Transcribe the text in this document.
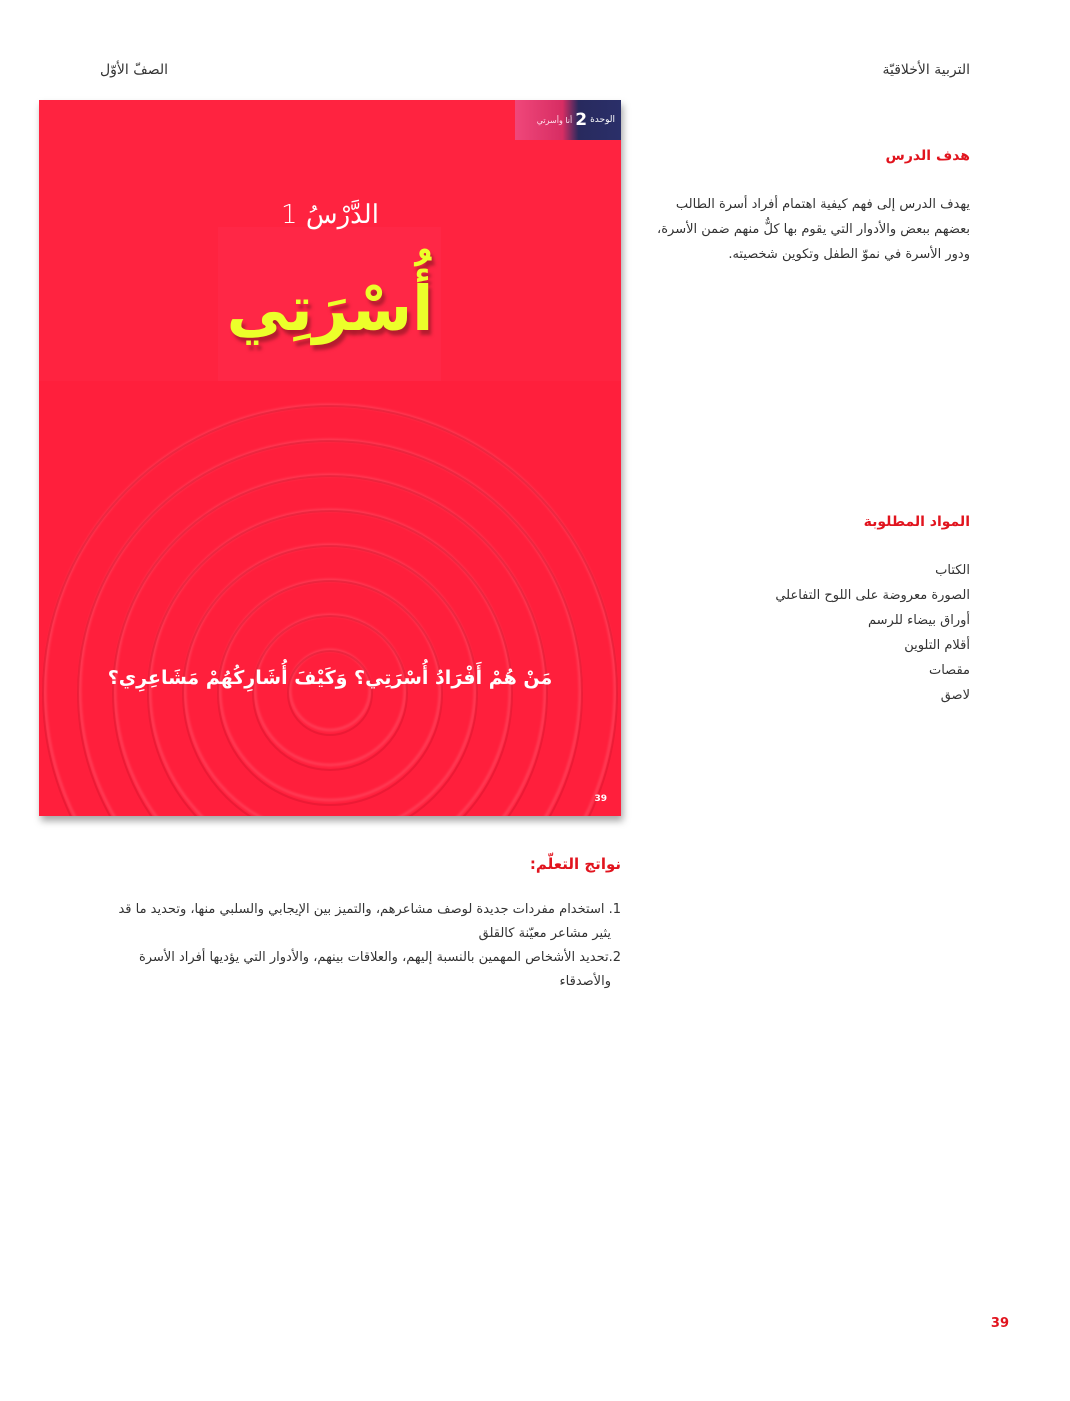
التربية الأخلاقيّة
الصفّ الأوّل
الوحدة
2
أنا وأسرتي
الدَّرْسُ 1
أُسْرَتِي
مَنْ هُمْ أَفْرَادُ أُسْرَتِي؟ وَكَيْفَ أُشَارِكُهُمْ مَشَاعِرِي؟
39
هدف الدرس
يهدف الدرس إلى فهم كيفية اهتمام أفراد أسرة الطالب بعضهم ببعض والأدوار التي يقوم بها كلٌّ منهم ضمن الأسرة، ودور الأسرة في نموّ الطفل وتكوين شخصيته.
المواد المطلوبة
الكتاب
الصورة معروضة على اللوح التفاعلي
أوراق بيضاء للرسم
أقلام التلوين
مقصات
لاصق
نواتج التعلّم:
1. استخدام مفردات جديدة لوصف مشاعرهم، والتميز بين الإيجابي والسلبي منها، وتحديد ما قد
يثير مشاعر معيّنة كالقلق
2.تحديد الأشخاص المهمين بالنسبة إليهم، والعلاقات بينهم، والأدوار التي يؤديها أفراد الأسرة
والأصدقاء
39
